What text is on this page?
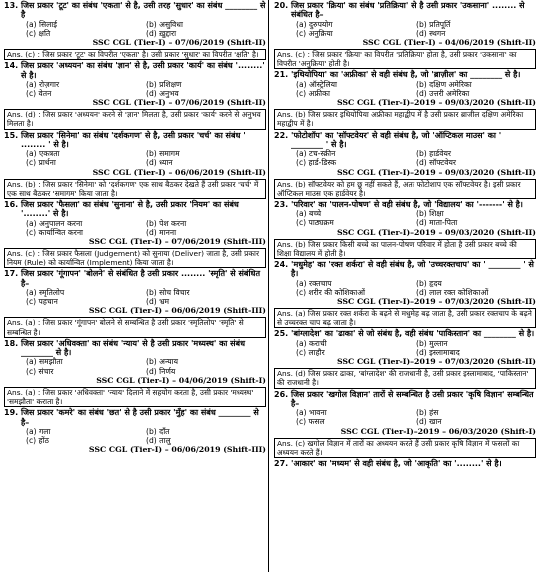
13. जिस प्रकार 'टूट' का संबंध 'एकता' से है, उसी तरह 'सुधार' का संबंध ________ से है
(a) सिलाई	(b) असुविधा
(c) क्षति	(d) ख़ुद्दारा
SSC CGL (Tier-I) – 07/06/2019 (Shift-II)
Ans. (c) : जिस प्रकार 'टूट' का विपरीत 'एकता' है। उसी प्रकार 'सुधार' का विपरीत 'क्षति' है।
14. जिस प्रकार 'अध्ययन' का संबंध 'ज्ञान' से है, उसी प्रकार 'कार्य' का संबंध '........' से है।
(a) रोज़गार	(b) प्रशिक्षण
(c) वेतन	(d) अनुभव
SSC CGL (Tier-I) – 07/06/2019 (Shift-II)
Ans. (d) : जिस प्रकार 'अध्ययन' करने से 'ज्ञान' मिलता है, उसी प्रकार 'कार्य' करने से अनुभव मिलता है।
15. जिस प्रकार 'सिनेमा' का संबंध 'दर्शकगण' से है, उसी प्रकार 'चर्च' का संबंध ' ........ ' से है।
(a) एकत्रता	(b) समागम
(c) प्रार्थना	(d) ध्यान
SSC CGL (Tier-I) – 06/06/2019 (Shift-II)
Ans. (b) : जिस प्रकार 'सिनेमा' को 'दर्शकगण' एक साथ बैठकर देखते हैं उसी प्रकार 'चर्च' में एक साथ बैठकर 'समागम' किया जाता है।
16. जिस प्रकार 'फैसला' का संबंध 'सुनाना' से है, उसी प्रकार 'नियम' का संबंध '........' से है।
(a) अनुपालन करना	(b) पेश करना
(c) कार्यान्वित करना	(d) मानना
SSC CGL (Tier-I) – 07/06/2019 (Shift-III)
Ans. (c) : जिस प्रकार फैसला (Judgement) को सुनाया (Deliver) जाता है, उसी प्रकार नियम (Rule) को कार्यान्वित (Implement) किया जाता है।
17. जिस प्रकार 'गूंगापन' 'बोलने' से संबंधित है उसी प्रकार ........ 'स्मृति' से संबंधित है–
(a) स्मृतिलोप	(b) सोच विचार
(c) पहचान	(d) भ्रम
SSC CGL (Tier-I) – 06/06/2019 (Shift-III)
Ans. (a) : जिस प्रकार 'गूंगापन' बोलने से सम्बन्धित है उसी प्रकार 'स्मृतिलोप' 'स्मृति' से सम्बन्धित है।
18. जिस प्रकार 'अधिवक्ता' का संबंध 'न्याय' से है उसी प्रकार 'मध्यस्थ' का संबंध ________ से है।
(a) समझौता	(b) अन्याय
(c) संचार	(d) निर्णय
SSC CGL (Tier-I) – 04/06/2019 (Shift-I)
Ans. (a) : जिस प्रकार 'अधिवक्ता' 'न्याय' दिलाने में सहयोग करता है, उसी प्रकार 'मध्यस्थ' 'समझौता' कराता है।
19. जिस प्रकार 'कमरे' का संबंध 'छत' से है उसी प्रकार 'मुँह' का संबंध ________ से है–
(a) गला	(b) दाँत
(c) होंठ	(d) तालु
SSC CGL (Tier-I) – 06/06/2019 (Shift-III)
20. जिस प्रकार 'क्रिया' का संबंध 'प्रतिक्रिया' से है उसी प्रकार 'उकसाना' ........ से संबंधित है–
(a) दुरुपयोग	(b) प्रतिपूर्ति
(c) अनुक्रिया	(d) स्थगन
SSC CGL (Tier-I) – 04/06/2019 (Shift-II)
Ans. (c) : जिस प्रकार 'क्रिया' का विपरीत 'प्रतिक्रिया' होता है, उसी प्रकार 'उकसाना' का विपरीत 'अनुक्रिया' होती है।
21. 'इथियोपिया' का 'अफ्रीका' से वही संबंध है, जो 'ब्राज़ील' का ________ से है।
(a) ऑस्ट्रेलिया	(b) दक्षिण अमेरिका
(c) अफ्रीका	(d) उत्तरी अमेरिका
SSC CGL (Tier-I)–2019 – 09/03/2020 (Shift-II)
Ans. (b) जिस प्रकार इथियोपिया अफ्रीका महाद्वीप में है उसी प्रकार ब्राजील दक्षिण अमेरिका महाद्वीप में है।
22. 'फोटोशॉप' का 'सॉफ्टवेयर' से वही संबंध है, जो 'ऑप्टिकल माउस' का ' ________ ' से है।
(a) टच-स्क्रीन	(b) हार्डवेयर
(c) हार्ड-डिस्क	(d) सॉफ्टवेयर
SSC CGL (Tier-I)–2019 – 09/03/2020 (Shift-II)
Ans. (b) सॉफ्टवेयर को हम छू नहीं सकते हैं, अतः फोटोशाप एक सॉफ्टवेयर है। इसी प्रकार ऑप्टिकल माउस एक हार्डवेयर है।
23. 'परिवार' का 'पालन-पोषण' से वही संबंध है, जो 'विद्यालय' का '-------' से है।
(a) बच्चे	(b) शिक्षा
(c) पाठ्यक्रम	(d) माता-पिता
SSC CGL (Tier-I)–2019 – 09/03/2020 (Shift-II)
Ans. (b) जिस प्रकार किसी बच्चे का पालन-पोषण परिवार में होता है उसी प्रकार बच्चे की शिक्षा विद्यालय में होती है।
24. 'मधुमेह' का 'रक्त शर्करा' से वही संबंध है, जो 'उच्चरक्तचाप' का ' ________ ' से है।
(a) रक्तचाप	(b) हृदय
(c) शरीर की कोशिकाओं	(d) लाल रक्त कोशिकाओं
SSC CGL (Tier-I)–2019 – 07/03/2020 (Shift-II)
Ans. (a) जिस प्रकार रक्त शर्करा के बढ़ने से मधुमेह बढ़ जाता है, उसी प्रकार रक्तचाप के बढ़ने से उच्चरक्त चाप बढ़ जाता है।
25. 'बांग्लादेश' का 'ढाका' से जो संबंध है, वही संबंध 'पाकिस्तान' का ________ से है।
(a) कराची	(b) मुल्तान
(c) लाहौर	(d) इस्लामाबाद
SSC CGL (Tier-I)–2019 – 07/03/2020 (Shift-II)
Ans. (d) जिस प्रकार ढाका, 'बांग्लादेश' की राजधानी है, उसी प्रकार इस्लामाबाद, 'पाकिस्तान' की राजधानी है।
26. जिस प्रकार 'खगोल विज्ञान' तारों से सम्बन्धित है उसी प्रकार 'कृषि विज्ञान' सम्बन्धित है–
(a) भावना	(b) हंस
(c) फसल	(d) खान
SSC CGL (Tier-I)–2019 – 06/03/2020 (Shift-I)
Ans. (c) खगोल विज्ञान में तारों का अध्ययन करते हैं उसी प्रकार कृषि विज्ञान में फसलों का अध्ययन करते हैं।
27. 'आकार' का 'मध्यम' से वही संबंध है, जो 'आकृति' का '........' से है।
